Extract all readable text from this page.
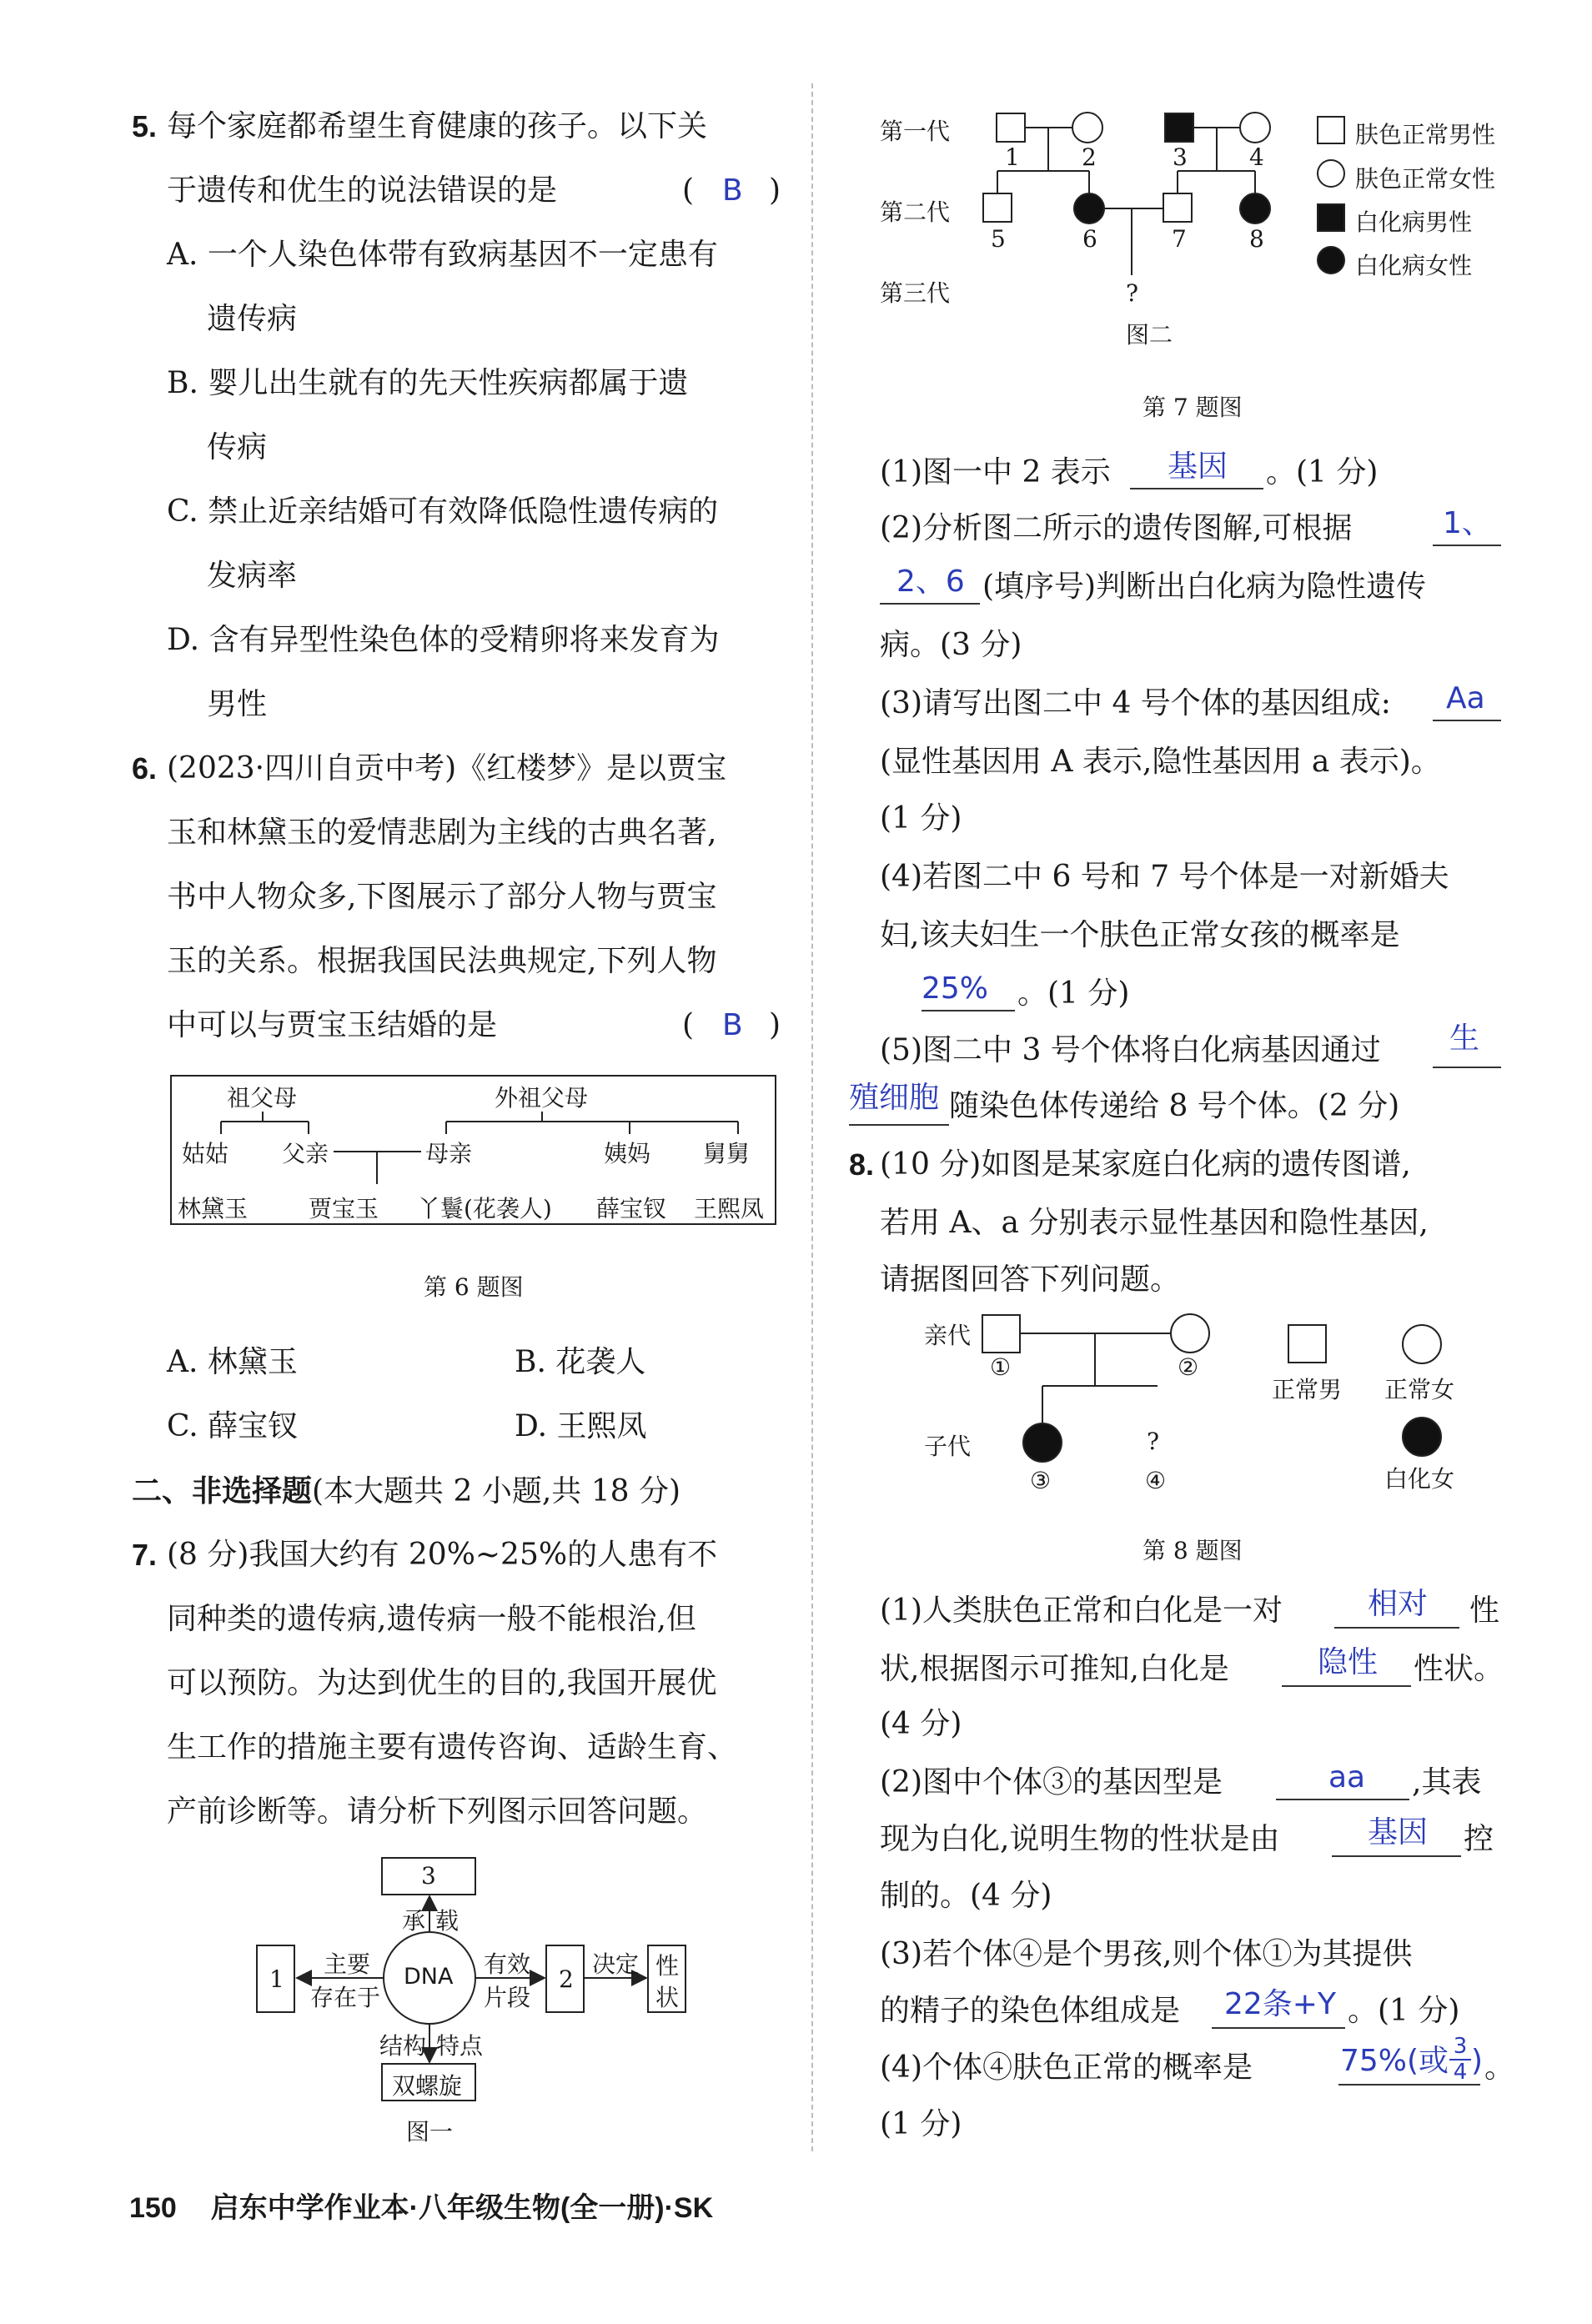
5. 每个家庭都希望生育健康的孩子。以下关
于遗传和优生的说法错误的是	( B )
A. 一个人染色体带有致病基因不一定患有
遗传病
B. 婴儿出生就有的先天性疾病都属于遗
传病
C. 禁止近亲结婚可有效降低隐性遗传病的
发病率
D. 含有异型性染色体的受精卵将来发育为
男性
6. (2023·四川自贡中考)《红楼梦》是以贾宝
玉和林黛玉的爱情悲剧为主线的古典名著,
书中人物众多,下图展示了部分人物与贾宝
玉的关系。根据我国民法典规定,下列人物
中可以与贾宝玉结婚的是	( B )
祖父母	外祖父母
姑姑 父亲	母亲	姨妈 舅舅
林黛玉	贾宝玉 丫鬟(花袭人) 薛宝钗 王熙凤
第 6 题图
A. 林黛玉	B. 花袭人
C. 薛宝钗	D. 王熙凤
二、非选择题(本大题共 2 小题,共 18 分)
7. (8 分)我国大约有 20%~25%的人患有不
同种类的遗传病,遗传病一般不能根治,但
可以预防。为达到优生的目的,我国开展优
生工作的措施主要有遗传咨询、适龄生育、
产前诊断等。请分析下列图示回答问题。
3
承载
1
主要
存在于
DNA 有效
片段
2
决定 性
状
结构 特点
双螺旋
图一
第一代
第二代
第三代
1	2	3	4
5	6	7	8
?
肤色正常男性
肤色正常女性
白化病男性
白化病女性
图二
第 7 题图
(1)图一中 2 表示 基因 。(1 分)
(2)分析图二所示的遗传图解,可根据	1、
2、6 (填序号)判断出白化病为隐性遗传
病。(3 分)
(3)请写出图二中 4 号个体的基因组成: Aa
(显性基因用 A 表示,隐性基因用 a 表示)。
(1 分)
(4)若图二中 6 号和 7 号个体是一对新婚夫
妇,该夫妇生一个肤色正常女孩的概率是
25% 。(1 分)
(5)图二中 3 号个体将白化病基因通过 生
殖细胞 随染色体传递给 8 号个体。(2 分)
8. (10 分)如图是某家庭白化病的遗传图谱,
若用 A、a 分别表示显性基因和隐性基因,
请据图回答下列问题。
亲代
子代
①	②
③
?
④
正常男 正常女
白化女
第 8 题图
(1)人类肤色正常和白化是一对	相对 性
状,根据图示可推知,白化是	隐性 性状。
(4 分)
(2)图中个体③的基因型是	aa ,其表
现为白化,说明生物的性状是由	基因 控
制的。(4 分)
(3)若个体④是个男孩,则个体①为其提供
的精子的染色体组成是 22条+Y 。(1 分)
(4)个体④肤色正常的概率是	75%(或 $\frac{3}{4}$ ) 。
(1 分)
150 启东中学作业本·八年级生物(全一册)·SK
